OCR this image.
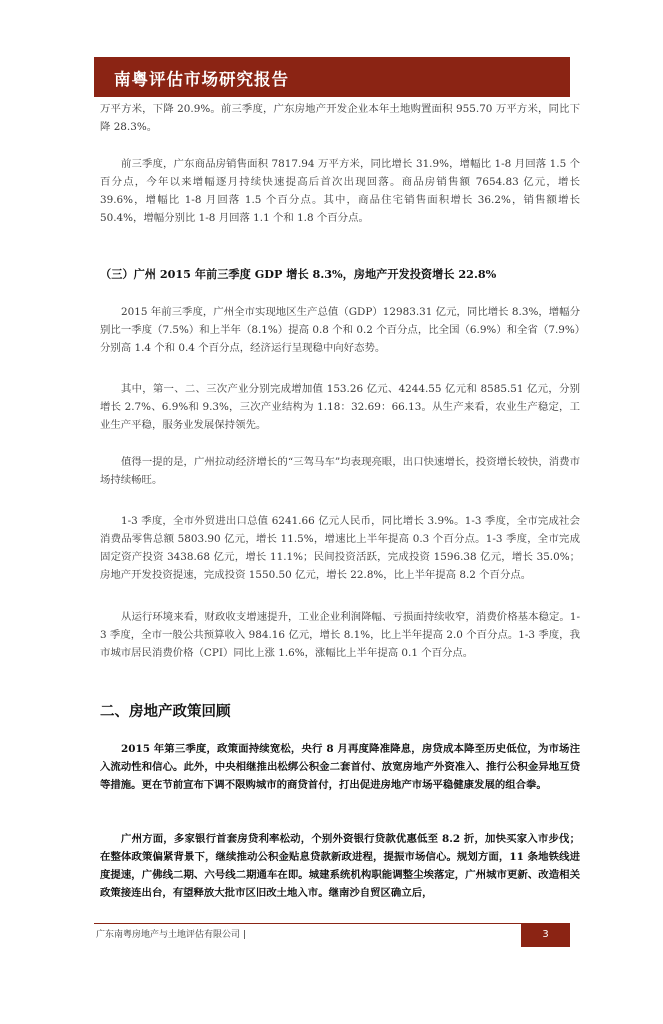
南粤评估市场研究报告

万平方米，下降 20.9%。前三季度，广东房地产开发企业本年土地购置面积 955.70 万平方米，同比下降 28.3%。

前三季度，广东商品房销售面积 7817.94 万平方米，同比增长 31.9%，增幅比 1-8 月回落 1.5 个百分点，今年以来增幅逐月持续快速提高后首次出现回落。商品房销售额 7654.83 亿元，增长 39.6%，增幅比 1-8 月回落 1.5 个百分点。其中，商品住宅销售面积增长 36.2%，销售额增长 50.4%，增幅分别比 1-8 月回落 1.1 个和 1.8 个百分点。

（三）广州 2015 年前三季度 GDP 增长 8.3%，房地产开发投资增长 22.8%

2015 年前三季度，广州全市实现地区生产总值（GDP）12983.31 亿元，同比增长 8.3%，增幅分别比一季度（7.5%）和上半年（8.1%）提高 0.8 个和 0.2 个百分点，比全国（6.9%）和全省（7.9%）分别高 1.4 个和 0.4 个百分点，经济运行呈现稳中向好态势。

其中，第一、二、三次产业分别完成增加值 153.26 亿元、4244.55 亿元和 8585.51 亿元，分别增长 2.7%、6.9%和 9.3%，三次产业结构为 1.18：32.69：66.13。从生产来看，农业生产稳定，工业生产平稳，服务业发展保持领先。

值得一提的是，广州拉动经济增长的“三驾马车”均表现亮眼，出口快速增长，投资增长较快，消费市场持续畅旺。

1-3 季度，全市外贸进出口总值 6241.66 亿元人民币，同比增长 3.9%。1-3 季度，全市完成社会消费品零售总额 5803.90 亿元，增长 11.5%，增速比上半年提高 0.3 个百分点。1-3 季度，全市完成固定资产投资 3438.68 亿元，增长 11.1%；民间投资活跃，完成投资 1596.38 亿元，增长 35.0%；房地产开发投资提速，完成投资 1550.50 亿元，增长 22.8%，比上半年提高 8.2 个百分点。

从运行环境来看，财政收支增速提升，工业企业利润降幅、亏损面持续收窄，消费价格基本稳定。1-3 季度，全市一般公共预算收入 984.16 亿元，增长 8.1%，比上半年提高 2.0 个百分点。1-3 季度，我市城市居民消费价格（CPI）同比上涨 1.6%，涨幅比上半年提高 0.1 个百分点。

二、房地产政策回顾

2015 年第三季度，政策面持续宽松，央行 8 月再度降准降息，房贷成本降至历史低位，为市场注入流动性和信心。此外，中央相继推出松绑公积金二套首付、放宽房地产外资准入、推行公积金异地互贷等措施。更在节前宣布下调不限购城市的商贷首付，打出促进房地产市场平稳健康发展的组合拳。

广州方面，多家银行首套房贷利率松动，个别外资银行贷款优惠低至 8.2 折，加快买家入市步伐；在整体政策偏紧背景下，继续推动公积金贴息贷款新政进程，提振市场信心。规划方面，11 条地铁线进度提速，广佛线二期、六号线二期通车在即。城建系统机构职能调整尘埃落定，广州城市更新、改造相关政策接连出台，有望释放大批市区旧改土地入市。继南沙自贸区确立后，

广东南粤房地产与土地评估有限公司 |	3
